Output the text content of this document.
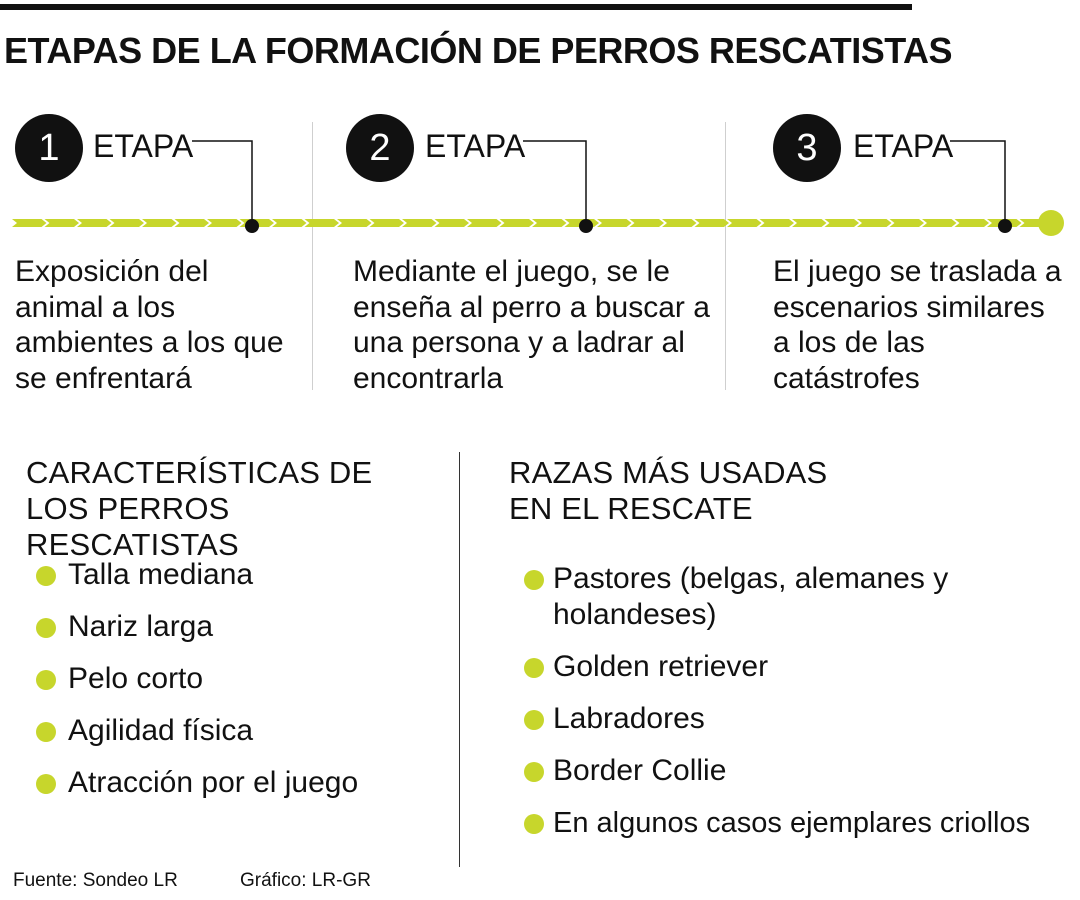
ETAPAS DE LA FORMACIÓN DE PERROS RESCATISTAS
1	ETAPA

Exposición del animal a los ambientes a los que se enfrentará

2	ETAPA

Mediante el juego, se le enseña al perro a buscar a una persona y a ladrar al encontrarla

3	ETAPA

El juego se traslada a escenarios similares a los de las catástrofes

CARACTERÍSTICAS DE LOS PERROS RESCATISTAS
Talla mediana
Nariz larga
Pelo corto
Agilidad física
Atracción por el juego
RAZAS MÁS USADAS EN EL RESCATE
Pastores (belgas, alemanes y holandeses)
Golden retriever
Labradores
Border Collie
En algunos casos ejemplares criollos
Fuente: Sondeo LR	Gráfico: LR-GR
